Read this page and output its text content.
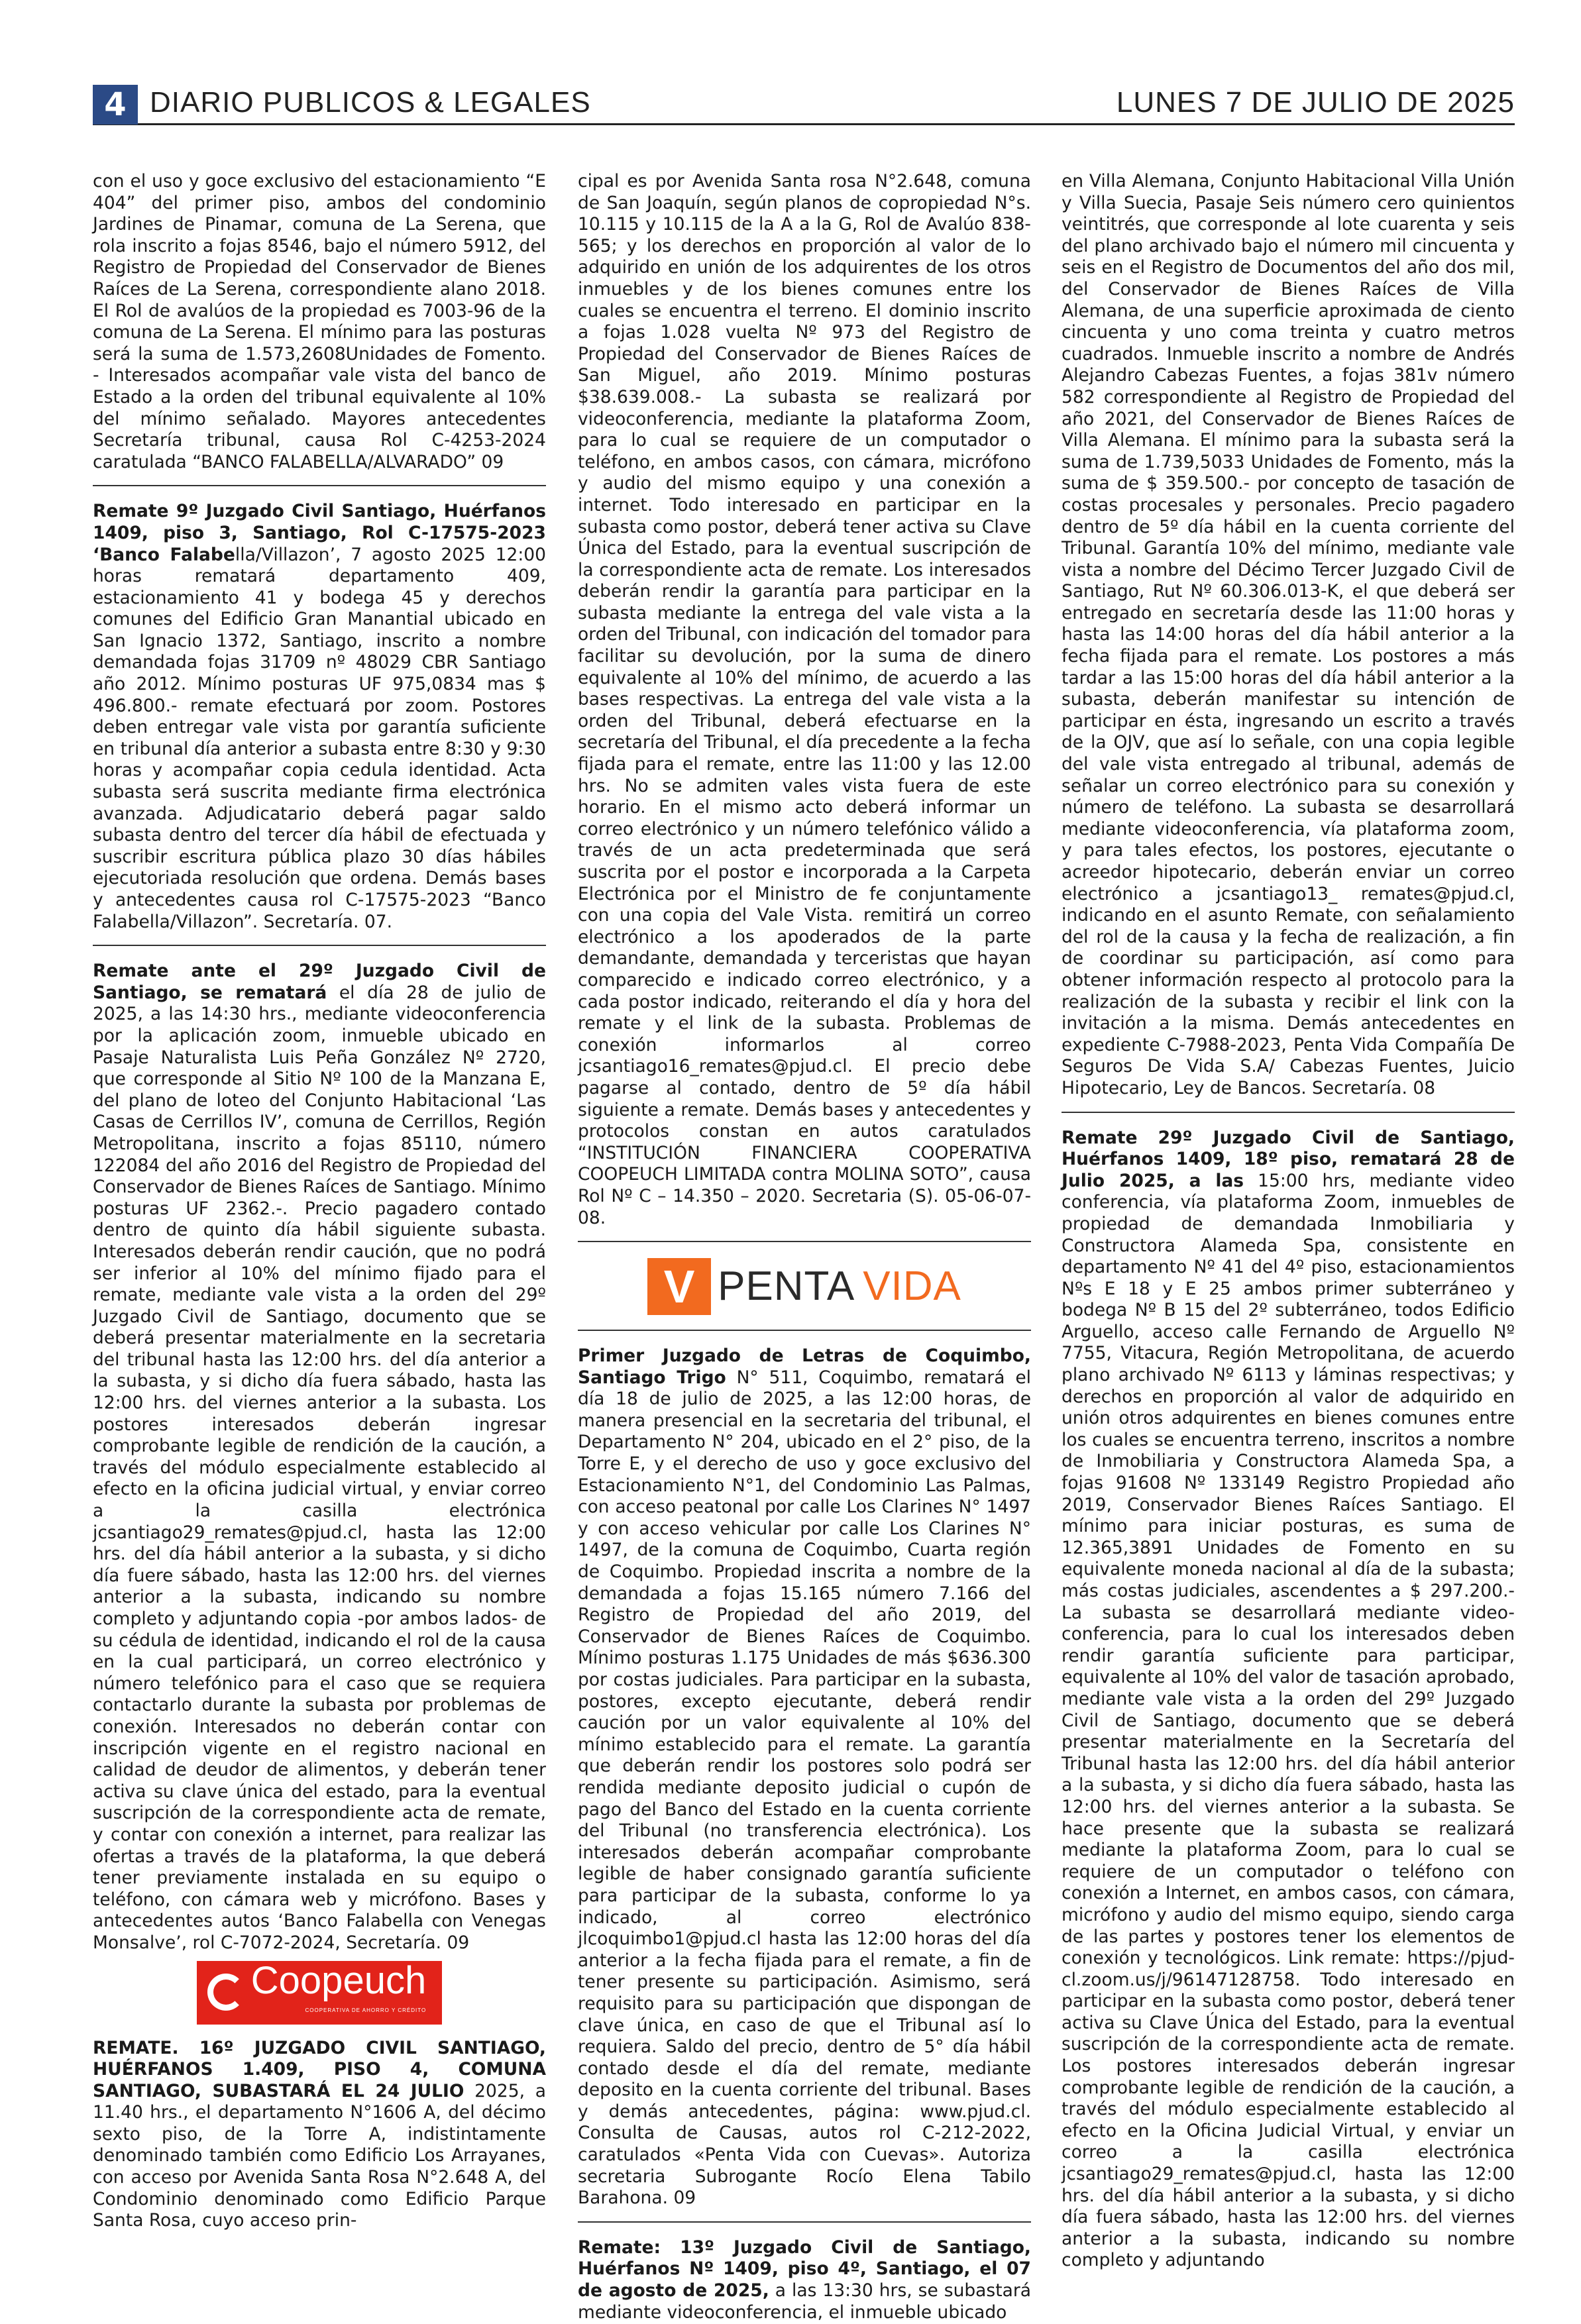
4 DIARIO PUBLICOS & LEGALES	LUNES 7 DE JULIO DE 2025

con el uso y goce exclusivo del estacionamiento “E 404” del primer piso, ambos del condominio Jardines de Pinamar, comuna de La Serena, que rola inscrito a fojas 8546, bajo el número 5912, del Registro de Propiedad del Conservador de Bienes Raíces de La Serena, correspondiente alano 2018. El Rol de avalúos de la propiedad es 7003-96 de la comuna de La Serena. El mínimo para las posturas será la suma de 1.573,2608Unidades de Fomento. - Interesados acompañar vale vista del banco de Estado a la orden del tribunal equivalente al 10% del mínimo señalado. Mayores antecedentes Secretaría tribunal, causa Rol C-4253-2024 caratulada “BANCO FALABELLA/ALVARADO” 09

Remate 9º Juzgado Civil Santiago, Huérfanos 1409, piso 3, Santiago, Rol C-17575-2023 ‘Banco Falabella/Villazon’, 7 agosto 2025 12:00 horas rematará departamento 409, estacionamiento 41 y bodega 45 y derechos comunes del Edificio Gran Manantial ubicado en San Ignacio 1372, Santiago, inscrito a nombre demandada fojas 31709 nº 48029 CBR Santiago año 2012. Mínimo posturas UF 975,0834 mas $ 496.800.- remate efectuará por zoom. Postores deben entregar vale vista por garantía suficiente en tribunal día anterior a subasta entre 8:30 y 9:30 horas y acompañar copia cedula identidad. Acta subasta será suscrita mediante firma electrónica avanzada. Adjudicatario deberá pagar saldo subasta dentro del tercer día hábil de efectuada y suscribir escritura pública plazo 30 días hábiles ejecutoriada resolución que ordena. Demás bases y antecedentes causa rol C-17575-2023 “Banco Falabella/Villazon”. Secretaría. 07.

Remate ante el 29º Juzgado Civil de Santiago, se rematará el día 28 de julio de 2025, a las 14:30 hrs., mediante videoconferencia por la aplicación zoom, inmueble ubicado en Pasaje Naturalista Luis Peña González Nº 2720, que corresponde al Sitio Nº 100 de la Manzana E, del plano de loteo del Conjunto Habitacional ‘Las Casas de Cerrillos IV’, comuna de Cerrillos, Región Metropolitana, inscrito a fojas 85110, número 122084 del año 2016 del Registro de Propiedad del Conservador de Bienes Raíces de Santiago. Mínimo posturas UF 2362.-. Precio pagadero contado dentro de quinto día hábil siguiente subasta. Interesados deberán rendir caución, que no podrá ser inferior al 10% del mínimo fijado para el remate, mediante vale vista a la orden del 29º Juzgado Civil de Santiago, documento que se deberá presentar materialmente en la secretaria del tribunal hasta las 12:00 hrs. del día anterior a la subasta, y si dicho día fuera sábado, hasta las 12:00 hrs. del viernes anterior a la subasta. Los postores interesados deberán ingresar comprobante legible de rendición de la caución, a través del módulo especialmente establecido al efecto en la oficina judicial virtual, y enviar correo a la casilla electrónica jcsantiago29_remates@pjud.cl, hasta las 12:00 hrs. del día hábil anterior a la subasta, y si dicho día fuere sábado, hasta las 12:00 hrs. del viernes anterior a la subasta, indicando su nombre completo y adjuntando copia -por ambos lados- de su cédula de identidad, indicando el rol de la causa en la cual participará, un correo electrónico y número telefónico para el caso que se requiera contactarlo durante la subasta por problemas de conexión. Interesados no deberán contar con inscripción vigente en el registro nacional en calidad de deudor de alimentos, y deberán tener activa su clave única del estado, para la eventual suscripción de la correspondiente acta de remate, y contar con conexión a internet, para realizar las ofertas a través de la plataforma, la que deberá tener previamente instalada en su equipo o teléfono, con cámara web y micrófono. Bases y antecedentes autos ‘Banco Falabella con Venegas Monsalve’, rol C-7072-2024, Secretaría. 09

Coopeuch
COOPERATIVA DE AHORRO Y CRÉDITO

REMATE. 16º JUZGADO CIVIL SANTIAGO, HUÉRFANOS 1.409, PISO 4, COMUNA SANTIAGO, SUBASTARÁ EL 24 JULIO 2025, a 11.40 hrs., el departamento N°1606 A, del décimo sexto piso, de la Torre A, indistintamente denominado también como Edificio Los Arrayanes, con acceso por Avenida Santa Rosa N°2.648 A, del Condominio denominado como Edificio Parque Santa Rosa, cuyo acceso prin-

cipal es por Avenida Santa rosa N°2.648, comuna de San Joaquín, según planos de copropiedad N°s. 10.115 y 10.115 de la A a la G, Rol de Avalúo 838-565; y los derechos en proporción al valor de lo adquirido en unión de los adquirentes de los otros inmuebles y de los bienes comunes entre los cuales se encuentra el terreno. El dominio inscrito a fojas 1.028 vuelta Nº 973 del Registro de Propiedad del Conservador de Bienes Raíces de San Miguel, año 2019. Mínimo posturas $38.639.008.- La subasta se realizará por videoconferencia, mediante la plataforma Zoom, para lo cual se requiere de un computador o teléfono, en ambos casos, con cámara, micrófono y audio del mismo equipo y una conexión a internet. Todo interesado en participar en la subasta como postor, deberá tener activa su Clave Única del Estado, para la eventual suscripción de la correspondiente acta de remate. Los interesados deberán rendir la garantía para participar en la subasta mediante la entrega del vale vista a la orden del Tribunal, con indicación del tomador para facilitar su devolución, por la suma de dinero equivalente al 10% del mínimo, de acuerdo a las bases respectivas. La entrega del vale vista a la orden del Tribunal, deberá efectuarse en la secretaría del Tribunal, el día precedente a la fecha fijada para el remate, entre las 11:00 y las 12.00 hrs. No se admiten vales vista fuera de este horario. En el mismo acto deberá informar un correo electrónico y un número telefónico válido a través de un acta predeterminada que será suscrita por el postor e incorporada a la Carpeta Electrónica por el Ministro de fe conjuntamente con una copia del Vale Vista. remitirá un correo electrónico a los apoderados de la parte demandante, demandada y terceristas que hayan comparecido e indicado correo electrónico, y a cada postor indicado, reiterando el día y hora del remate y el link de la subasta. Problemas de conexión informarlos al correo jcsantiago16_remates@pjud.cl. El precio debe pagarse al contado, dentro de 5º día hábil siguiente a remate. Demás bases y antecedentes y protocolos constan en autos caratulados “INSTITUCIÓN FINANCIERA COOPERATIVA COOPEUCH LIMITADA contra MOLINA SOTO”, causa Rol Nº C – 14.350 – 2020. Secretaria (S). 05-06-07-08.

V PENTA VIDA

Primer Juzgado de Letras de Coquimbo, Santiago Trigo N° 511, Coquimbo, rematará el día 18 de julio de 2025, a las 12:00 horas, de manera presencial en la secretaria del tribunal, el Departamento N° 204, ubicado en el 2° piso, de la Torre E, y el derecho de uso y goce exclusivo del Estacionamiento N°1, del Condominio Las Palmas, con acceso peatonal por calle Los Clarines N° 1497 y con acceso vehicular por calle Los Clarines N° 1497, de la comuna de Coquimbo, Cuarta región de Coquimbo. Propiedad inscrita a nombre de la demandada a fojas 15.165 número 7.166 del Registro de Propiedad del año 2019, del Conservador de Bienes Raíces de Coquimbo. Mínimo posturas 1.175 Unidades de más $636.300 por costas judiciales. Para participar en la subasta, postores, excepto ejecutante, deberá rendir caución por un valor equivalente al 10% del mínimo establecido para el remate. La garantía que deberán rendir los postores solo podrá ser rendida mediante deposito judicial o cupón de pago del Banco del Estado en la cuenta corriente del Tribunal (no transferencia electrónica). Los interesados deberán acompañar comprobante legible de haber consignado garantía suficiente para participar de la subasta, conforme lo ya indicado, al correo electrónico jlcoquimbo1@pjud.cl hasta las 12:00 horas del día anterior a la fecha fijada para el remate, a fin de tener presente su participación. Asimismo, será requisito para su participación que dispongan de clave única, en caso de que el Tribunal así lo requiera. Saldo del precio, dentro de 5° día hábil contado desde el día del remate, mediante deposito en la cuenta corriente del tribunal. Bases y demás antecedentes, página: www.pjud.cl. Consulta de Causas, autos rol C-212-2022, caratulados «Penta Vida con Cuevas». Autoriza secretaria Subrogante Rocío Elena Tabilo Barahona. 09

Remate: 13º Juzgado Civil de Santiago, Huérfanos Nº 1409, piso 4º, Santiago, el 07 de agosto de 2025, a las 13:30 hrs, se subastará mediante videoconferencia, el inmueble ubicado

en Villa Alemana, Conjunto Habitacional Villa Unión y Villa Suecia, Pasaje Seis número cero quinientos veintitrés, que corresponde al lote cuarenta y seis del plano archivado bajo el número mil cincuenta y seis en el Registro de Documentos del año dos mil, del Conservador de Bienes Raíces de Villa Alemana, de una superficie aproximada de ciento cincuenta y uno coma treinta y cuatro metros cuadrados. Inmueble inscrito a nombre de Andrés Alejandro Cabezas Fuentes, a fojas 381v número 582 correspondiente al Registro de Propiedad del año 2021, del Conservador de Bienes Raíces de Villa Alemana. El mínimo para la subasta será la suma de 1.739,5033 Unidades de Fomento, más la suma de $ 359.500.- por concepto de tasación de costas procesales y personales. Precio pagadero dentro de 5º día hábil en la cuenta corriente del Tribunal. Garantía 10% del mínimo, mediante vale vista a nombre del Décimo Tercer Juzgado Civil de Santiago, Rut Nº 60.306.013-K, el que deberá ser entregado en secretaría desde las 11:00 horas y hasta las 14:00 horas del día hábil anterior a la fecha fijada para el remate. Los postores a más tardar a las 15:00 horas del día hábil anterior a la subasta, deberán manifestar su intención de participar en ésta, ingresando un escrito a través de la OJV, que así lo señale, con una copia legible del vale vista entregado al tribunal, además de señalar un correo electrónico para su conexión y número de teléfono. La subasta se desarrollará mediante videoconferencia, vía plataforma zoom, y para tales efectos, los postores, ejecutante o acreedor hipotecario, deberán enviar un correo electrónico a jcsantiago13_ remates@pjud.cl, indicando en el asunto Remate, con señalamiento del rol de la causa y la fecha de realización, a fin de coordinar su participación, así como para obtener información respecto al protocolo para la realización de la subasta y recibir el link con la invitación a la misma. Demás antecedentes en expediente C-7988-2023, Penta Vida Compañía De Seguros De Vida S.A/ Cabezas Fuentes, Juicio Hipotecario, Ley de Bancos. Secretaría. 08

Remate 29º Juzgado Civil de Santiago, Huérfanos 1409, 18º piso, rematará 28 de Julio 2025, a las 15:00 hrs, mediante video conferencia, vía plataforma Zoom, inmuebles de propiedad de demandada Inmobiliaria y Constructora Alameda Spa, consistente en departamento Nº 41 del 4º piso, estacionamientos Nºs E 18 y E 25 ambos primer subterráneo y bodega Nº B 15 del 2º subterráneo, todos Edificio Arguello, acceso calle Fernando de Arguello Nº 7755, Vitacura, Región Metropolitana, de acuerdo plano archivado Nº 6113 y láminas respectivas; y derechos en proporción al valor de adquirido en unión otros adquirentes en bienes comunes entre los cuales se encuentra terreno, inscritos a nombre de Inmobiliaria y Constructora Alameda Spa, a fojas 91608 Nº 133149 Registro Propiedad año 2019, Conservador Bienes Raíces Santiago. El mínimo para iniciar posturas, es suma de 12.365,3891 Unidades de Fomento en su equivalente moneda nacional al día de la subasta; más costas judiciales, ascendentes a $ 297.200.- La subasta se desarrollará mediante video-conferencia, para lo cual los interesados deben rendir garantía suficiente para participar, equivalente al 10% del valor de tasación aprobado, mediante vale vista a la orden del 29º Juzgado Civil de Santiago, documento que se deberá presentar materialmente en la Secretaría del Tribunal hasta las 12:00 hrs. del día hábil anterior a la subasta, y si dicho día fuera sábado, hasta las 12:00 hrs. del viernes anterior a la subasta. Se hace presente que la subasta se realizará mediante la plataforma Zoom, para lo cual se requiere de un computador o teléfono con conexión a Internet, en ambos casos, con cámara, micrófono y audio del mismo equipo, siendo carga de las partes y postores tener los elementos de conexión y tecnológicos. Link remate: https://pjud-cl.zoom.us/j/96147128758. Todo interesado en participar en la subasta como postor, deberá tener activa su Clave Única del Estado, para la eventual suscripción de la correspondiente acta de remate. Los postores interesados deberán ingresar comprobante legible de rendición de la caución, a través del módulo especialmente establecido al efecto en la Oficina Judicial Virtual, y enviar un correo a la casilla electrónica jcsantiago29_remates@pjud.cl, hasta las 12:00 hrs. del día hábil anterior a la subasta, y si dicho día fuera sábado, hasta las 12:00 hrs. del viernes anterior a la subasta, indicando su nombre completo y adjuntando
